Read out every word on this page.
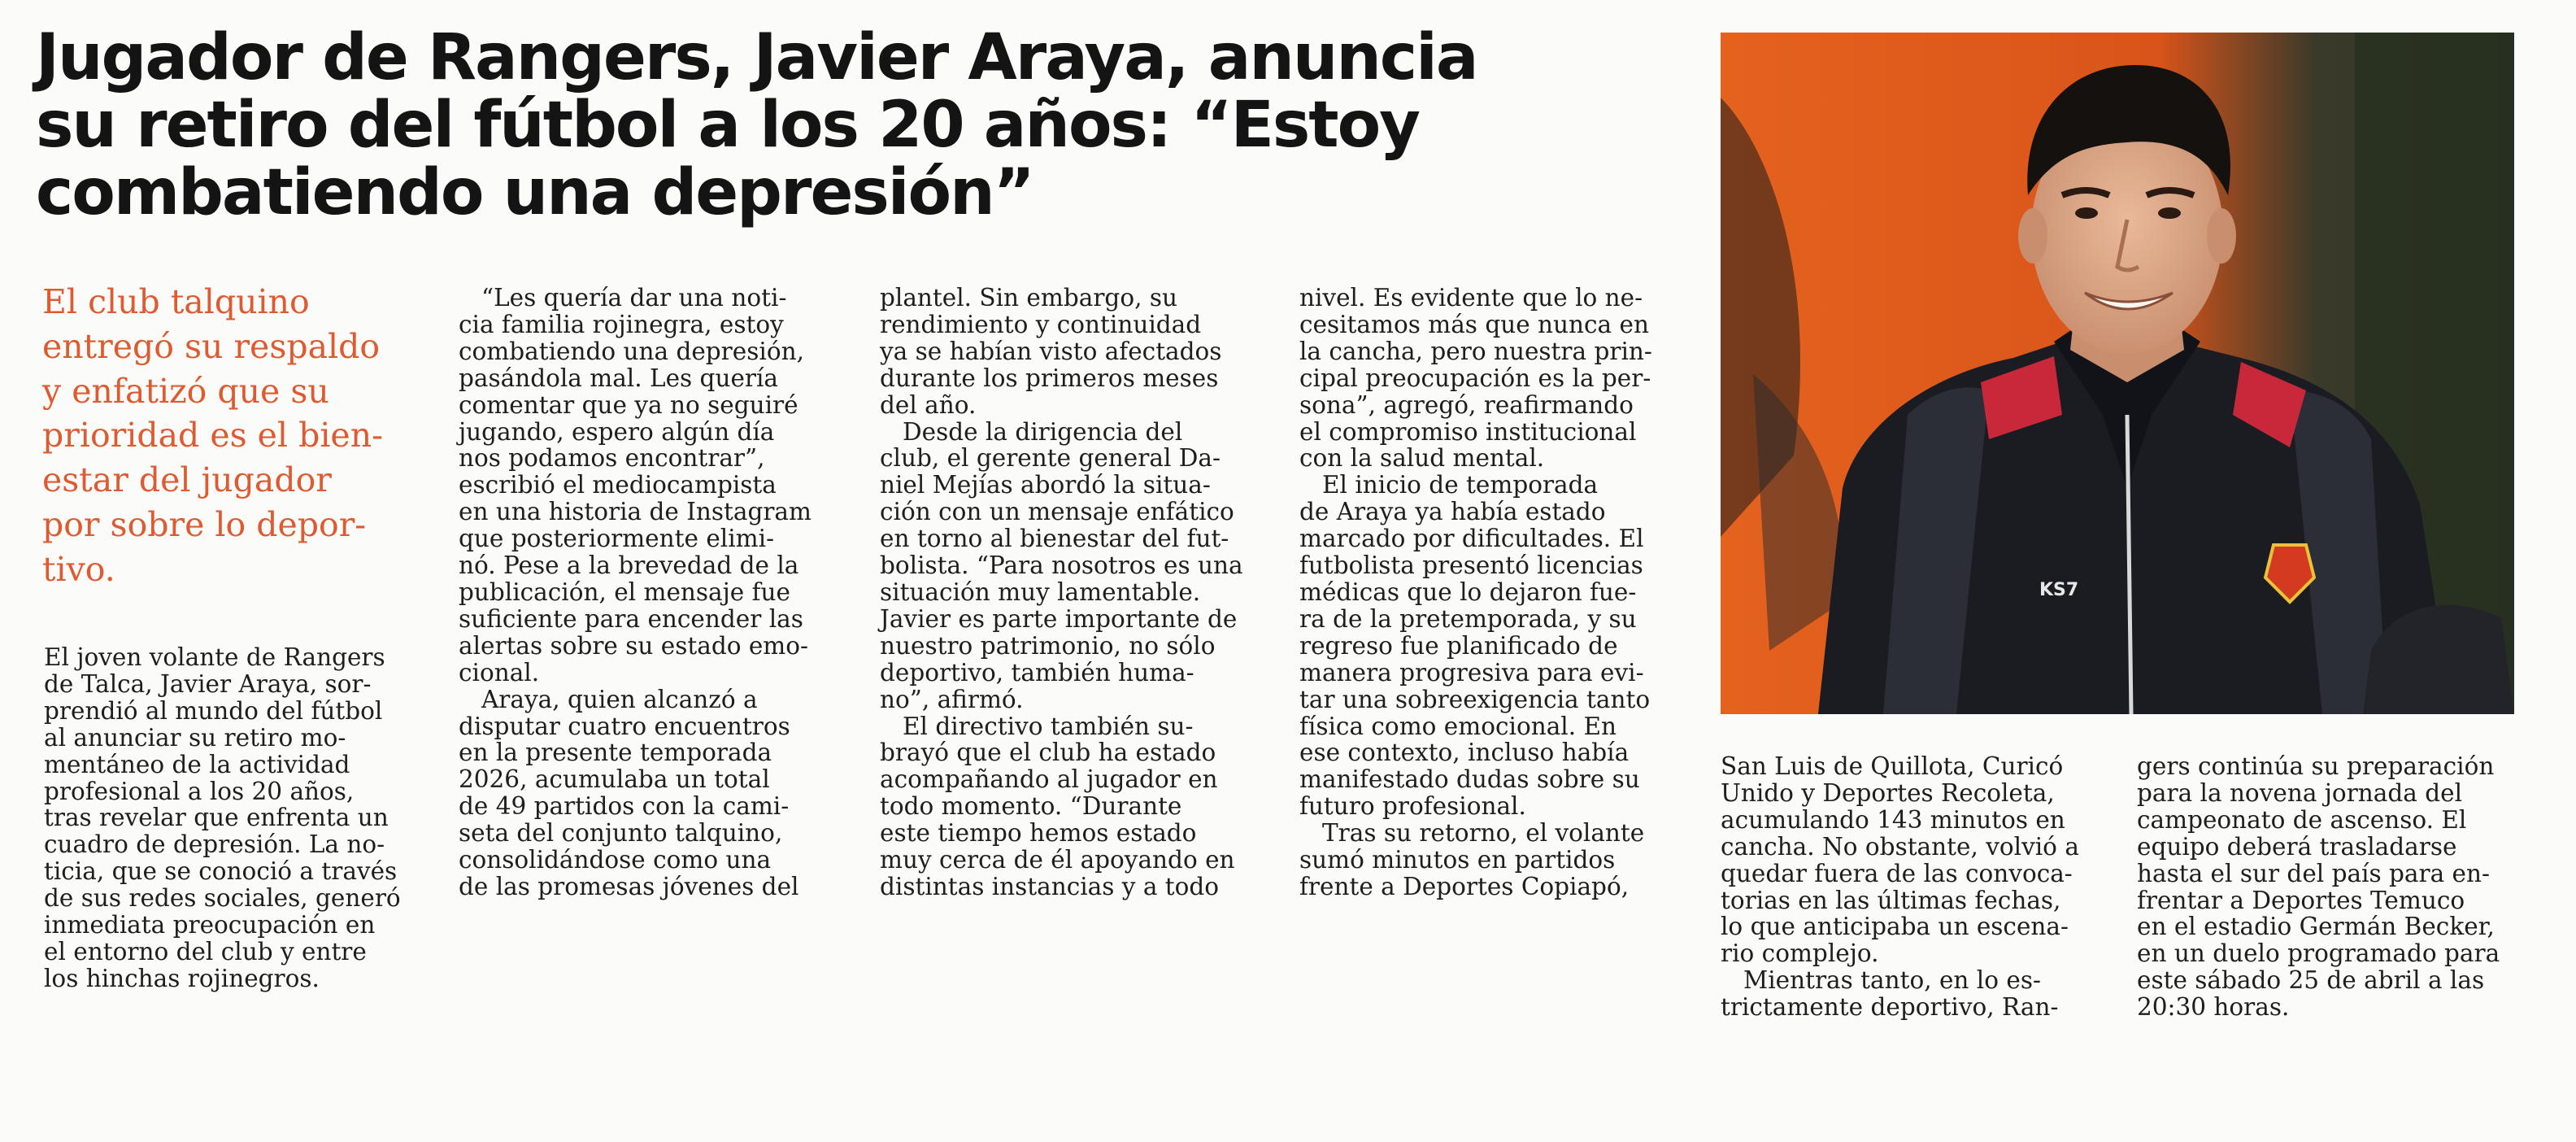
Jugador de Rangers, Javier Araya, anuncia
su retiro del fútbol a los 20 años: “Estoy
combatiendo una depresión”
El club talquino
entregó su respaldo
y enfatizó que su
prioridad es el bien-
estar del jugador
por sobre lo depor-
tivo.
El joven volante de Rangers
de Talca, Javier Araya, sor-
prendió al mundo del fútbol
al anunciar su retiro mo-
mentáneo de la actividad
profesional a los 20 años,
tras revelar que enfrenta un
cuadro de depresión. La no-
ticia, que se conoció a través
de sus redes sociales, generó
inmediata preocupación en
el entorno del club y entre
los hinchas rojinegros.
“Les quería dar una noti-
cia familia rojinegra, estoy
combatiendo una depresión,
pasándola mal. Les quería
comentar que ya no seguiré
jugando, espero algún día
nos podamos encontrar”,
escribió el mediocampista
en una historia de Instagram
que posteriormente elimi-
nó. Pese a la brevedad de la
publicación, el mensaje fue
suficiente para encender las
alertas sobre su estado emo-
cional.
Araya, quien alcanzó a
disputar cuatro encuentros
en la presente temporada
2026, acumulaba un total
de 49 partidos con la cami-
seta del conjunto talquino,
consolidándose como una
de las promesas jóvenes del
plantel. Sin embargo, su
rendimiento y continuidad
ya se habían visto afectados
durante los primeros meses
del año.
Desde la dirigencia del
club, el gerente general Da-
niel Mejías abordó la situa-
ción con un mensaje enfático
en torno al bienestar del fut-
bolista. “Para nosotros es una
situación muy lamentable.
Javier es parte importante de
nuestro patrimonio, no sólo
deportivo, también huma-
no”, afirmó.
El directivo también su-
brayó que el club ha estado
acompañando al jugador en
todo momento. “Durante
este tiempo hemos estado
muy cerca de él apoyando en
distintas instancias y a todo
nivel. Es evidente que lo ne-
cesitamos más que nunca en
la cancha, pero nuestra prin-
cipal preocupación es la per-
sona”, agregó, reafirmando
el compromiso institucional
con la salud mental.
El inicio de temporada
de Araya ya había estado
marcado por dificultades. El
futbolista presentó licencias
médicas que lo dejaron fue-
ra de la pretemporada, y su
regreso fue planificado de
manera progresiva para evi-
tar una sobreexigencia tanto
física como emocional. En
ese contexto, incluso había
manifestado dudas sobre su
futuro profesional.
Tras su retorno, el volante
sumó minutos en partidos
frente a Deportes Copiapó,
KS7
San Luis de Quillota, Curicó
Unido y Deportes Recoleta,
acumulando 143 minutos en
cancha. No obstante, volvió a
quedar fuera de las convoca-
torias en las últimas fechas,
lo que anticipaba un escena-
rio complejo.
Mientras tanto, en lo es-
trictamente deportivo, Ran-
gers continúa su preparación
para la novena jornada del
campeonato de ascenso. El
equipo deberá trasladarse
hasta el sur del país para en-
frentar a Deportes Temuco
en el estadio Germán Becker,
en un duelo programado para
este sábado 25 de abril a las
20:30 horas.
